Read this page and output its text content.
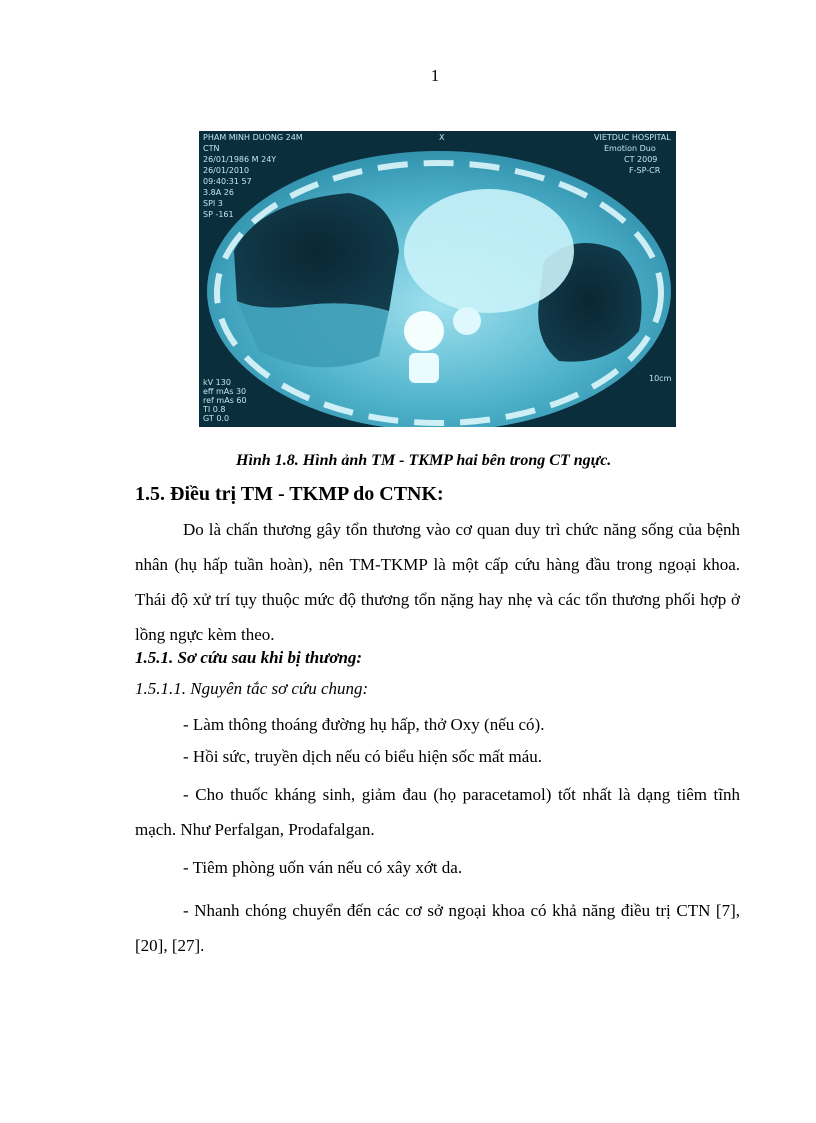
1
PHAM MINH DUONG 24M
CTN
26/01/1986 M 24Y
26/01/2010
09:40:31 57
3.8A 26
SPI 3
SP -161
VIETDUC HOSPITAL
Emotion Duo
CT 2009
F-SP-CR
X
kV 130
eff mAs 30
ref mAs 60
TI 0.8
GT 0.0
10cm
Hình 1.8. Hình ảnh TM - TKMP hai bên trong CT ngực.
1.5. Điều trị TM - TKMP do CTNK:
Do là chấn thương gây tổn thương vào cơ quan duy trì chức năng sống của bệnh nhân (hụ hấp tuần hoàn), nên TM-TKMP là một cấp cứu hàng đầu trong ngoại khoa. Thái độ xử trí tụy thuộc mức độ thương tổn nặng hay nhẹ và các tổn thương phối hợp ở lồng ngực kèm theo.
1.5.1. Sơ cứu sau khi bị thương:
1.5.1.1. Nguyên tắc sơ cứu chung:
- Làm thông thoáng đường hụ hấp, thở Oxy (nếu có).
- Hồi sức, truyền dịch nếu có biểu hiện sốc mất máu.
- Cho thuốc kháng sinh, giảm đau (họ paracetamol) tốt nhất là dạng tiêm tĩnh mạch. Như Perfalgan, Prodafalgan.
- Tiêm phòng uốn ván nếu có xây xớt da.
- Nhanh chóng chuyển đến các cơ sở ngoại khoa có khả năng điều trị CTN [7], [20], [27].
